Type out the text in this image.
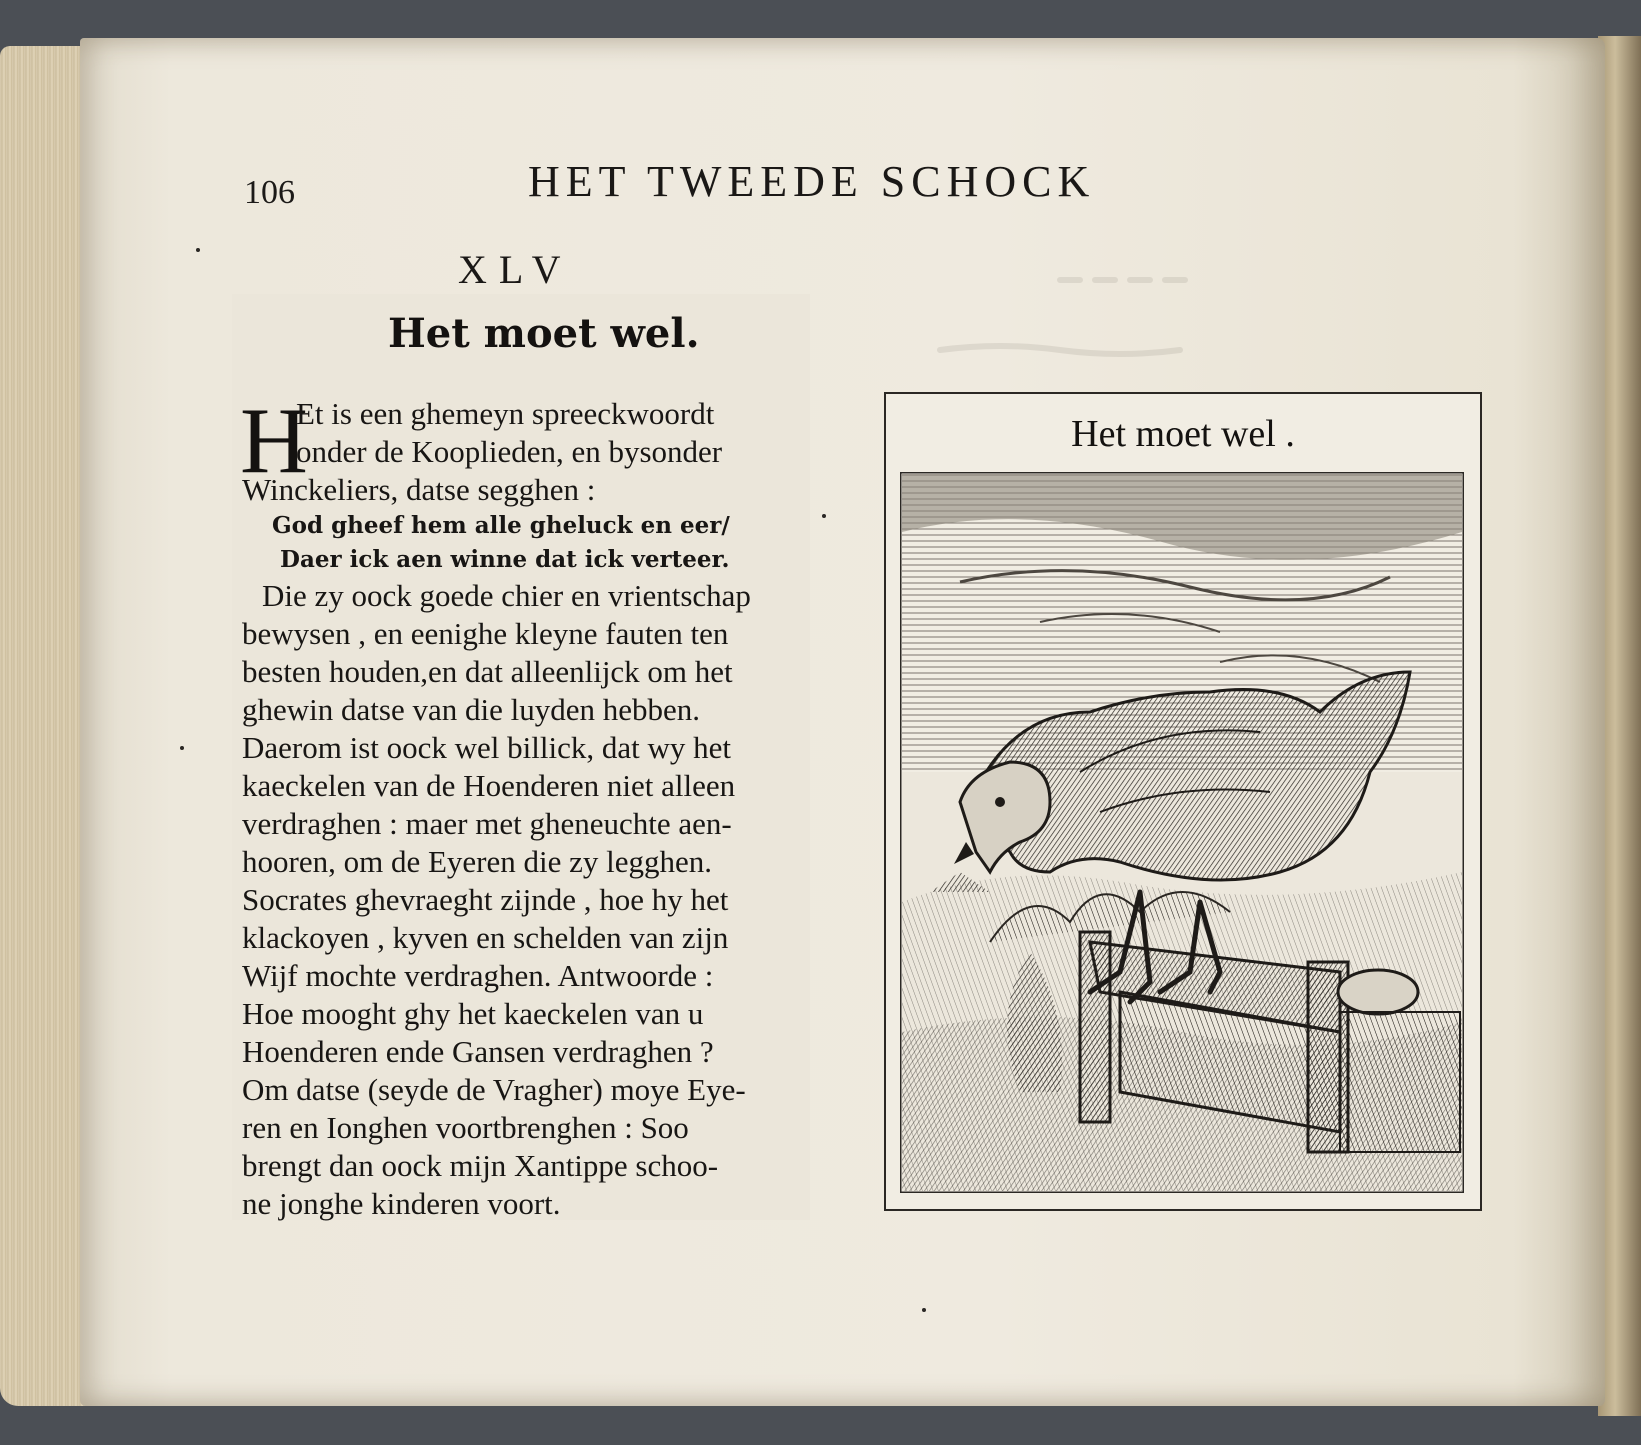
106	HET TWEEDE SCHOCK
XLV
Het moet wel.
H
Et is een ghemeyn spreeckwoordt
onder de Kooplieden, en bysonder
Winckeliers, datse segghen :
God gheef hem alle gheluck en eer/
Daer ick aen winne dat ick verteer.
Die zy oock goede chier en vrientschap
bewysen , en eenighe kleyne fauten ten
besten houden,en dat alleenlijck om het
ghewin datse van die luyden hebben.
Daerom ist oock wel billick, dat wy het
kaeckelen van de Hoenderen niet alleen
verdraghen : maer met gheneuchte aen-
hooren, om de Eyeren die zy legghen.
Socrates ghevraeght zijnde , hoe hy het
klackoyen , kyven en schelden van zijn
Wijf mochte verdraghen. Antwoorde :
Hoe mooght ghy het kaeckelen van u
Hoenderen ende Gansen verdraghen ?
Om datse (seyde de Vragher) moye Eye-
ren en Ionghen voortbrenghen : Soo
brengt dan oock mijn Xantippe schoo-
ne jonghe kinderen voort.
Het moet wel .
